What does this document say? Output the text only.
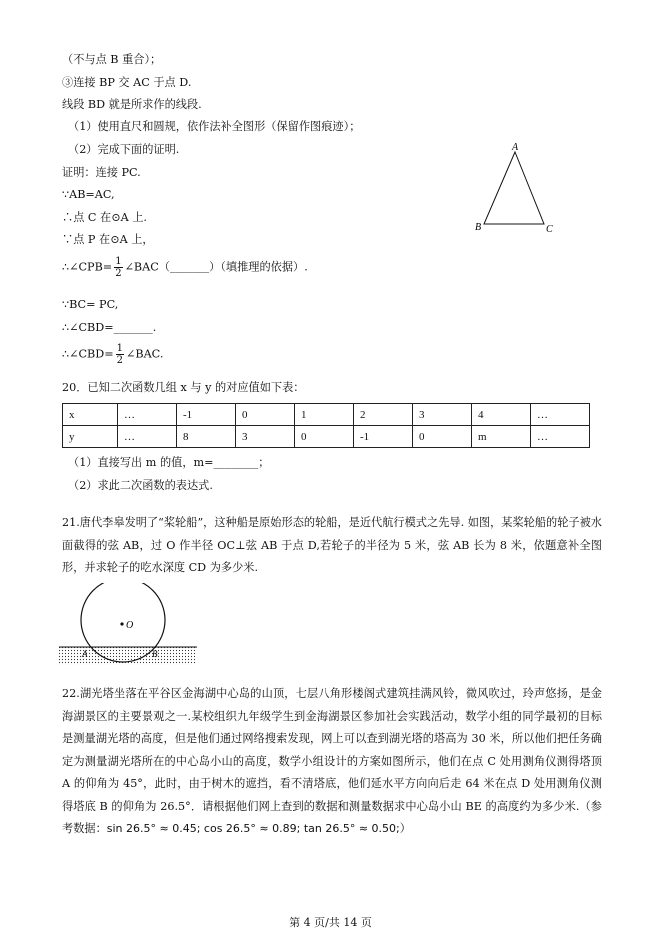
（不与点 B 重合）；
③连接 BP 交 AC 于点 D.
线段 BD 就是所求作的线段.
（1）使用直尺和圆规，依作法补全图形（保留作图痕迹）；
（2）完成下面的证明.
证明：连接 PC.
∵AB=AC,
∴点 C 在⊙A 上.
∵点 P 在⊙A 上，
∴∠CPB= $\frac{1}{2}$ ∠BAC（_______）（填推理的依据）.
∵BC= PC,
∴∠CBD=_______.
∴∠CBD= $\frac{1}{2}$ ∠BAC.
A
B	C
20．已知二次函数几组 x 与 y 的对应值如下表：
x	…	-1	0	1	2	3	4	…
y	…	8	3	0	-1	0	m	…
（1）直接写出 m 的值，m=________；
（2）求此二次函数的表达式.
21.唐代李皋发明了“桨轮船”，这种船是原始形态的轮船，是近代航行模式之先导. 如图，某桨轮船的轮子被水面截得的弦 AB，过 O 作半径 OC⊥弦 AB 于点 D,若轮子的半径为 5 米，弦 AB 长为 8 米，依题意补全图形，并求轮子的吃水深度 CD 为多少米.
O
A	B
22.湖光塔坐落在平谷区金海湖中心岛的山顶，七层八角形楼阁式建筑挂满风铃，微风吹过，玲声悠扬，是金海湖景区的主要景观之一.某校组织九年级学生到金海湖景区参加社会实践活动，数学小组的同学最初的目标是测量湖光塔的高度，但是他们通过网络搜索发现，网上可以查到湖光塔的塔高为 30 米，所以他们把任务确定为测量湖光塔所在的中心岛小山的高度，数学小组设计的方案如图所示，他们在点 C 处用测角仪测得塔顶 A 的仰角为 45°，此时，由于树木的遮挡，看不清塔底，他们延水平方向向后走 64 米在点 D 处用测角仪测得塔底 B 的仰角为 26.5°．请根据他们网上查到的数据和测量数据求中心岛小山 BE 的高度约为多少米.（参考数据：sin 26.5° ≈ 0.45; cos 26.5° ≈ 0.89; tan 26.5° ≈ 0.50;）
第 4 页/共 14 页
